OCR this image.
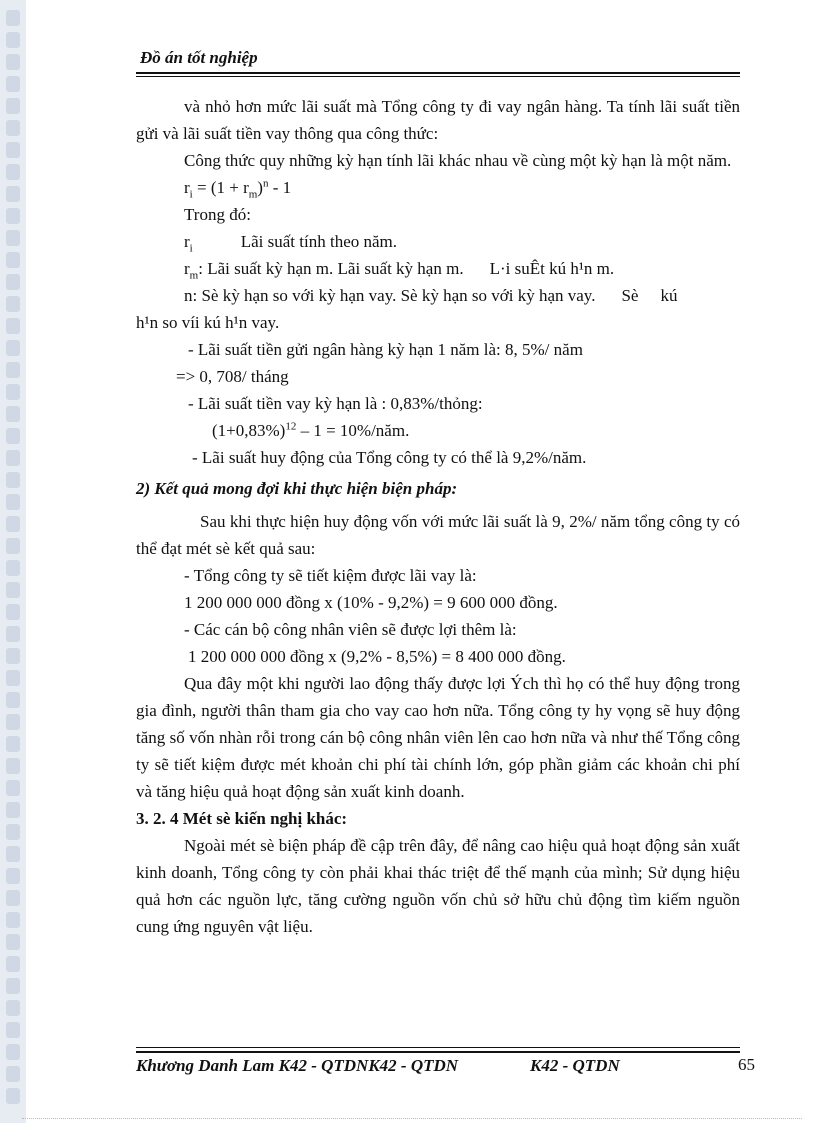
Đồ án tốt nghiệp

và nhỏ hơn mức lãi suất mà Tổng công ty đi vay ngân hàng. Ta tính lãi suất tiền gửi và lãi suất tiền vay thông qua công thức:

Công thức quy những kỳ hạn tính lãi khác nhau về cùng một kỳ hạn là một năm.

$r_i = (1 + r_m)^n - 1$

Trong đó:

$r_i$	Lãi suất tính theo năm.

$r_m$: Lãi suất kỳ hạn m. Lãi suất kỳ hạn m. L·i suÊt kú h¹n m.

n: Sè kỳ hạn so với kỳ hạn vay. Sè kỳ hạn so với kỳ hạn vay. Sè kú

h¹n so víi kú h¹n vay.

- Lãi suất tiền gửi ngân hàng kỳ hạn 1 năm là: 8, 5%/ năm

=> 0, 708/ tháng

- Lãi suất tiền vay kỳ hạn là : 0,83%/thỏng:

$(1+0,83\%)^{12} - 1$ = 10%/năm.

- Lãi suất huy động của Tổng công ty có thể là 9,2%/năm.

2) Kết quả mong đợi khi thực hiện biện pháp:

Sau khi thực hiện huy động vốn với mức lãi suất là 9, 2%/ năm tổng công ty có thể đạt mét sè kết quả sau:

- Tổng công ty sẽ tiết kiệm được lãi vay là:

1 200 000 000 đồng x (10% - 9,2%) = 9 600 000 đồng.

- Các cán bộ công nhân viên sẽ được lợi thêm là:

1 200 000 000 đồng x (9,2% - 8,5%) = 8 400 000 đồng.

Qua đây một khi người lao động thấy được lợi Ých thì họ có thể huy động trong gia đình, người thân tham gia cho vay cao hơn nữa. Tổng công ty hy vọng sẽ huy động tăng số vốn nhàn rỗi trong cán bộ công nhân viên lên cao hơn nữa và như thế Tổng công ty sẽ tiết kiệm được mét khoản chi phí tài chính lớn, góp phần giảm các khoản chi phí và tăng hiệu quả hoạt động sản xuất kinh doanh.

3. 2. 4 Mét sè kiến nghị khác:

Ngoài mét sè biện pháp đề cập trên đây, để nâng cao hiệu quả hoạt động sản xuất kinh doanh, Tổng công ty còn phải khai thác triệt để thế mạnh của mình; Sử dụng hiệu quả hơn các nguồn lực, tăng cường nguồn vốn chủ sở hữu chủ động tìm kiếm nguồn cung ứng nguyên vật liệu.

Khương Danh Lam K42 - QTDNK42 - QTDN	K42 - QTDN	65
